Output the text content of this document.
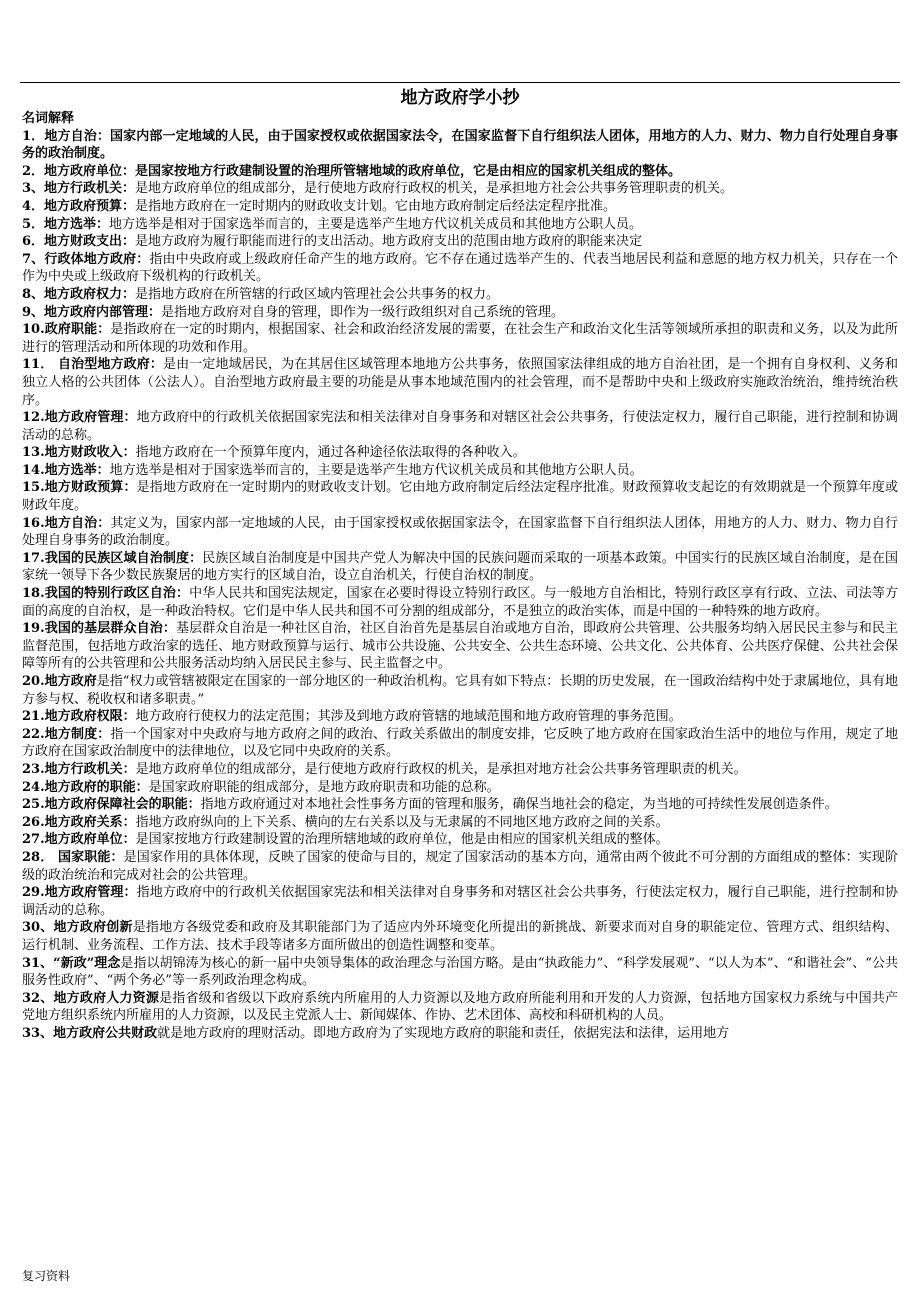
地方政府学小抄
名词解释

1．地方自治：国家内部一定地域的人民，由于国家授权或依据国家法令，在国家监督下自行组织法人团体，用地方的人力、财力、物力自行处理自身事务的政治制度。

2．地方政府单位：是国家按地方行政建制设置的治理所管辖地域的政府单位，它是由相应的国家机关组成的整体。

3、地方行政机关：是地方政府单位的组成部分，是行使地方政府行政权的机关，是承担地方社会公共事务管理职责的机关。

4．地方政府预算：是指地方政府在一定时期内的财政收支计划。它由地方政府制定后经法定程序批准。

5．地方选举：地方选举是相对于国家选举而言的，主要是选举产生地方代议机关成员和其他地方公职人员。

6．地方财政支出：是地方政府为履行职能而进行的支出活动。地方政府支出的范围由地方政府的职能来决定

7、行政体地方政府：指由中央政府或上级政府任命产生的地方政府。它不存在通过选举产生的、代表当地居民利益和意愿的地方权力机关，只存在一个作为中央或上级政府下级机构的行政机关。

8、地方政府权力：是指地方政府在所管辖的行政区域内管理社会公共事务的权力。

9、地方政府内部管理：是指地方政府对自身的管理，即作为一级行政组织对自己系统的管理。

10.政府职能：是指政府在一定的时期内，根据国家、社会和政治经济发展的需要，在社会生产和政治文化生活等领域所承担的职责和义务，以及为此所进行的管理活动和所体现的功效和作用。

11． 自治型地方政府：是由一定地域居民，为在其居住区域管理本地地方公共事务，依照国家法律组成的地方自治社团，是一个拥有自身权利、义务和独立人格的公共团体（公法人）。自治型地方政府最主要的功能是从事本地域范围内的社会管理，而不是帮助中央和上级政府实施政治统治，维持统治秩序。

12.地方政府管理：地方政府中的行政机关依据国家宪法和相关法律对自身事务和对辖区社会公共事务，行使法定权力，履行自己职能，进行控制和协调活动的总称。

13.地方财政收入：指地方政府在一个预算年度内，通过各种途径依法取得的各种收入。

14.地方选举：地方选举是相对于国家选举而言的，主要是选举产生地方代议机关成员和其他地方公职人员。

15.地方财政预算：是指地方政府在一定时期内的财政收支计划。它由地方政府制定后经法定程序批准。财政预算收支起讫的有效期就是一个预算年度或财政年度。

16.地方自治：其定义为，国家内部一定地域的人民，由于国家授权或依据国家法令，在国家监督下自行组织法人团体，用地方的人力、财力、物力自行处理自身事务的政治制度。

17.我国的民族区域自治制度：民族区域自治制度是中国共产党人为解决中国的民族问题而采取的一项基本政策。中国实行的民族区域自治制度，是在国家统一领导下各少数民族聚居的地方实行的区域自治，设立自治机关，行使自治权的制度。

18.我国的特别行政区自治：中华人民共和国宪法规定，国家在必要时得设立特别行政区。与一般地方自治相比，特别行政区享有行政、立法、司法等方面的高度的自治权，是一种政治特权。它们是中华人民共和国不可分割的组成部分，不是独立的政治实体，而是中国的一种特殊的地方政府。

19.我国的基层群众自治：基层群众自治是一种社区自治，社区自治首先是基层自治或地方自治，即政府公共管理、公共服务均纳入居民民主参与和民主监督范围，包括地方政治家的选任、地方财政预算与运行、城市公共设施、公共安全、公共生态环境、公共文化、公共体育、公共医疗保健、公共社会保障等所有的公共管理和公共服务活动均纳入居民民主参与、民主监督之中。

20.地方政府是指“权力或管辖被限定在国家的一部分地区的一种政治机构。它具有如下特点：长期的历史发展，在一国政治结构中处于隶属地位，具有地方参与权、税收权和诸多职责。”

21.地方政府权限：地方政府行使权力的法定范围；其涉及到地方政府管辖的地域范围和地方政府管理的事务范围。

22.地方制度：指一个国家对中央政府与地方政府之间的政治、行政关系做出的制度安排，它反映了地方政府在国家政治生活中的地位与作用，规定了地方政府在国家政治制度中的法律地位，以及它同中央政府的关系。

23.地方行政机关：是地方政府单位的组成部分，是行使地方政府行政权的机关，是承担对地方社会公共事务管理职责的机关。

24.地方政府的职能：是国家政府职能的组成部分，是地方政府职责和功能的总称。

25.地方政府保障社会的职能：指地方政府通过对本地社会性事务方面的管理和服务，确保当地社会的稳定，为当地的可持续性发展创造条件。

26.地方政府关系：指地方政府纵向的上下关系、横向的左右关系以及与无隶属的不同地区地方政府之间的关系。

27.地方政府单位：是国家按地方行政建制设置的治理所辖地域的政府单位，他是由相应的国家机关组成的整体。

28． 国家职能：是国家作用的具体体现，反映了国家的使命与目的，规定了国家活动的基本方向，通常由两个彼此不可分割的方面组成的整体：实现阶级的政治统治和完成对社会的公共管理。

29.地方政府管理：指地方政府中的行政机关依据国家宪法和相关法律对自身事务和对辖区社会公共事务，行使法定权力，履行自己职能，进行控制和协调活动的总称。

30、地方政府创新是指地方各级党委和政府及其职能部门为了适应内外环境变化所提出的新挑战、新要求而对自身的职能定位、管理方式、组织结构、运行机制、业务流程、工作方法、技术手段等诸多方面所做出的创造性调整和变革。

31、“新政”理念是指以胡锦涛为核心的新一届中央领导集体的政治理念与治国方略。是由“执政能力”、“科学发展观”、“以人为本”、“和谐社会”、“公共服务性政府”、“两个务必”等一系列政治理念构成。

32、地方政府人力资源是指省级和省级以下政府系统内所雇用的人力资源以及地方政府所能利用和开发的人力资源，包括地方国家权力系统与中国共产党地方组织系统内所雇用的人力资源，以及民主党派人士、新闻媒体、作协、艺术团体、高校和科研机构的人员。

33、地方政府公共财政就是地方政府的理财活动。即地方政府为了实现地方政府的职能和责任，依据宪法和法律，运用地方

复习资料
